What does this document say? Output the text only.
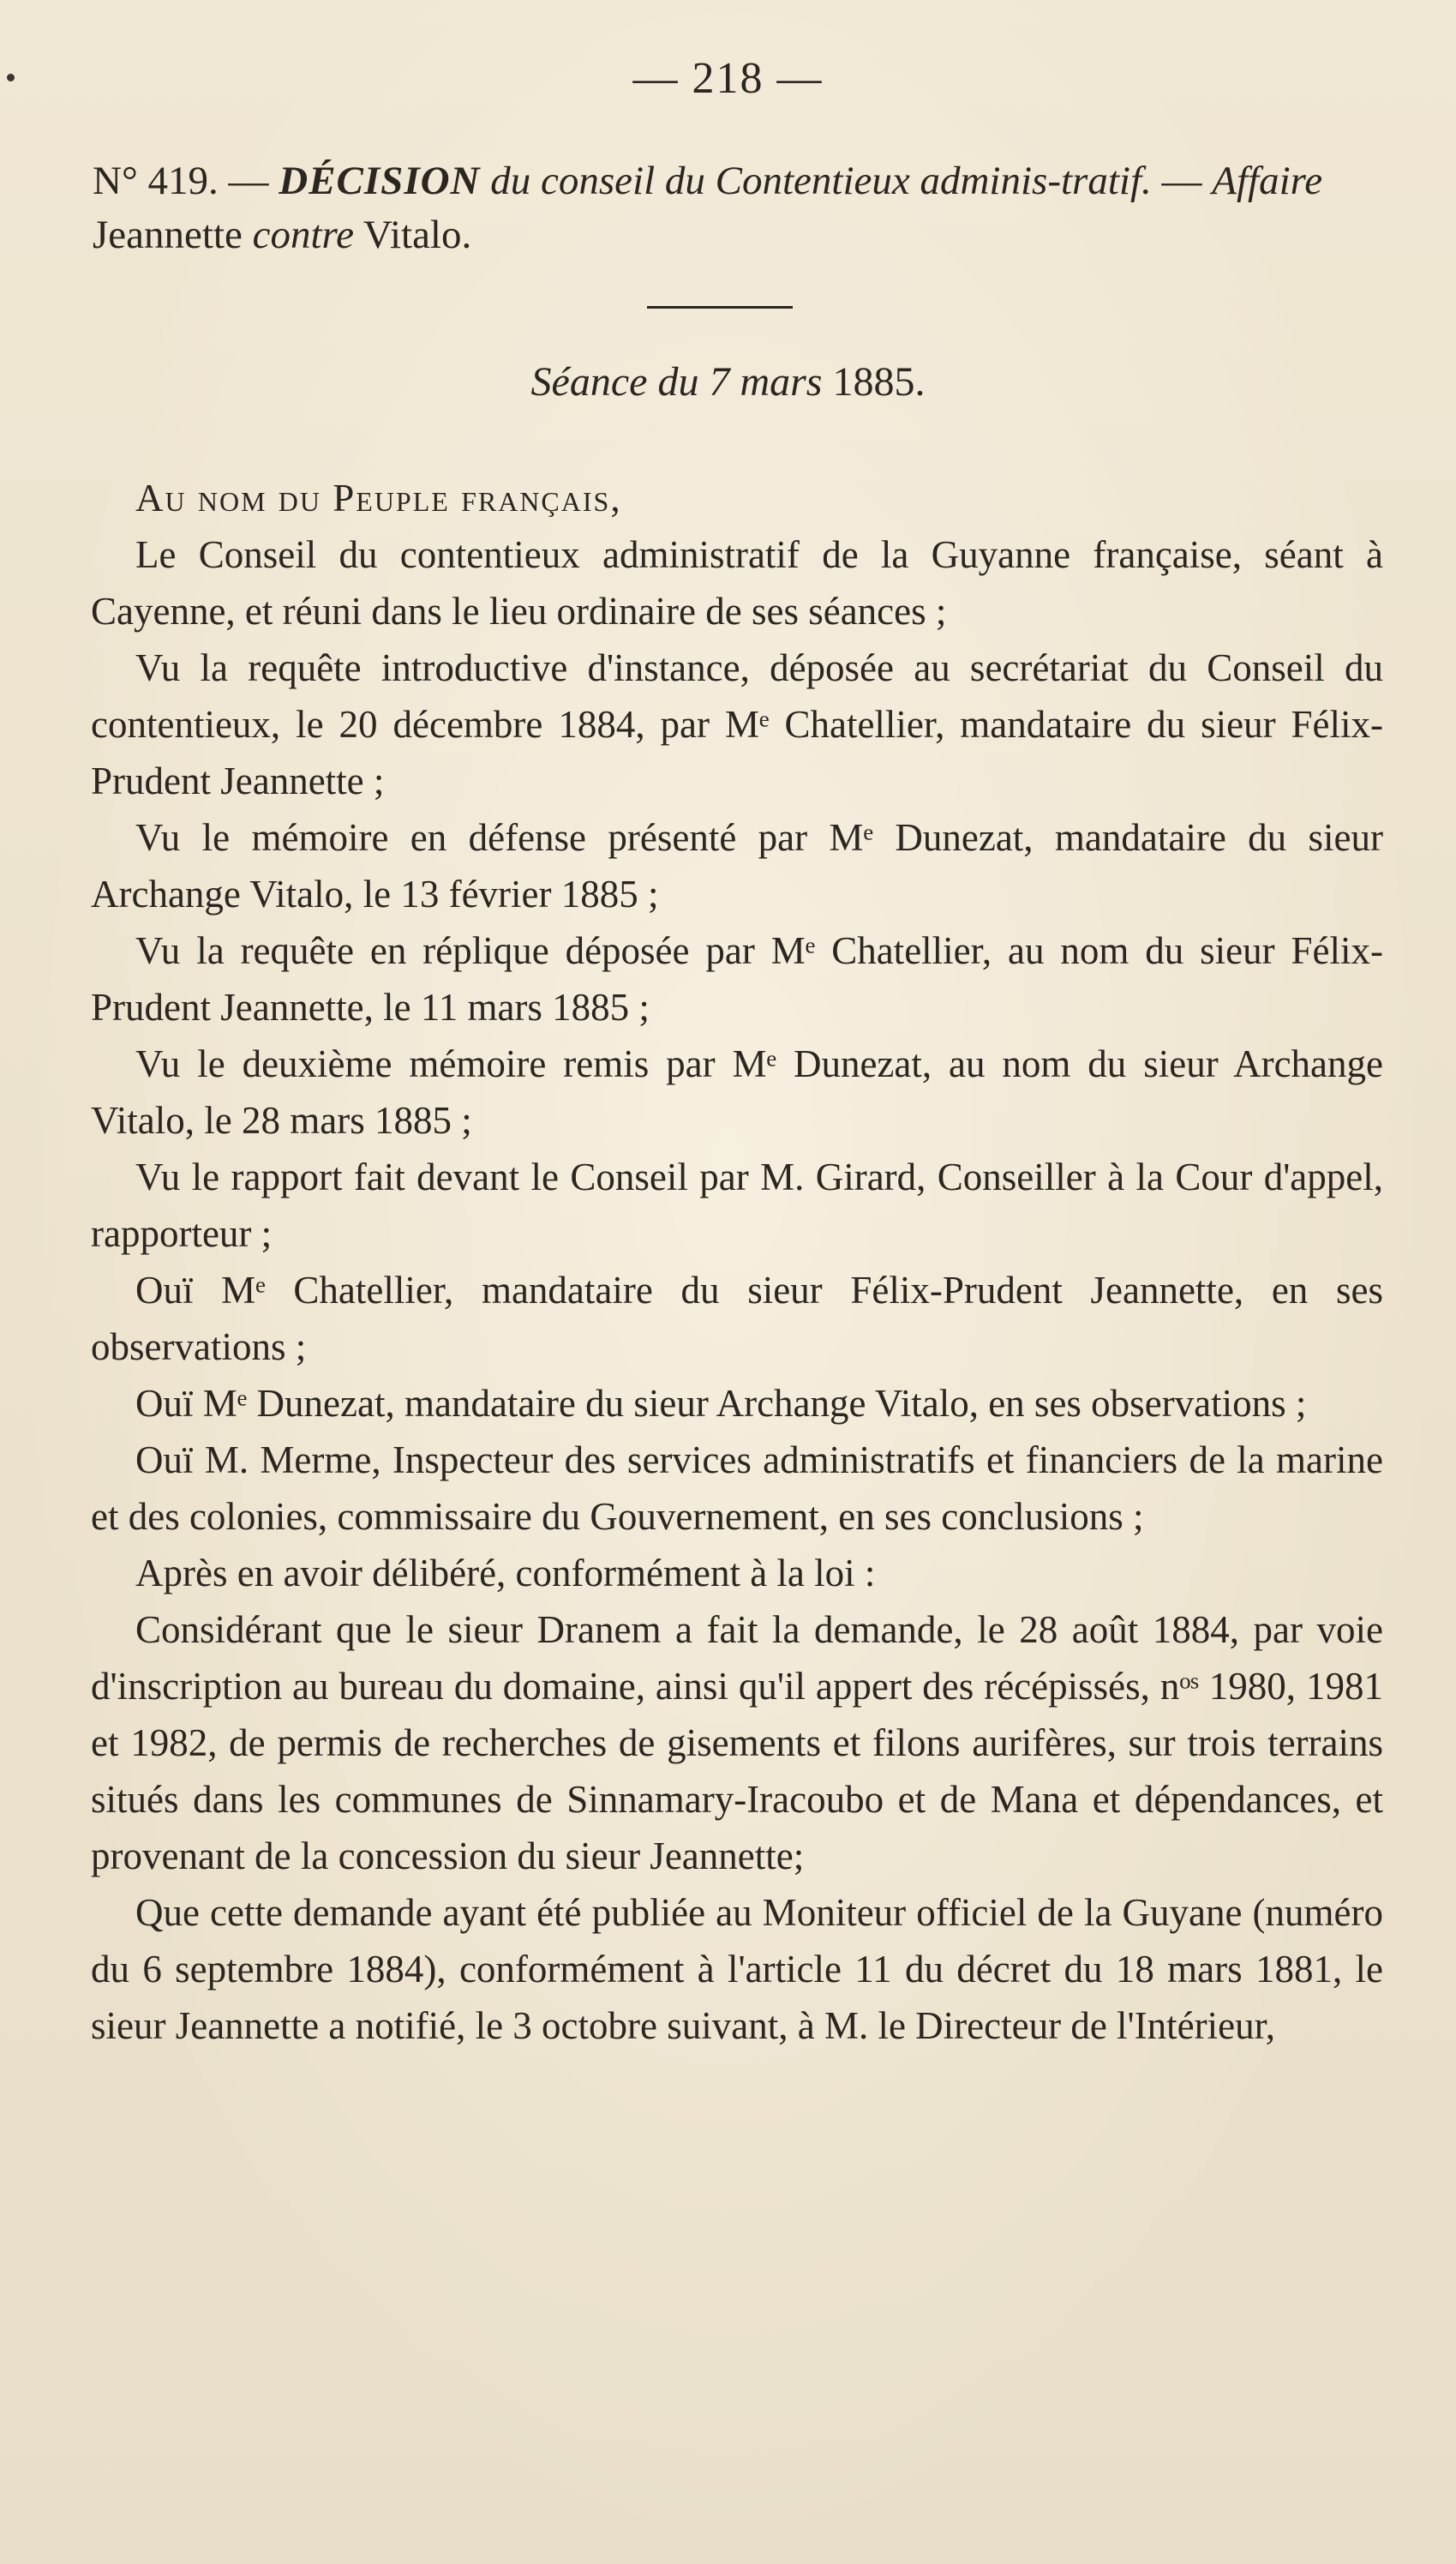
— 218 —

N° 419. — DÉCISION du conseil du Contentieux adminis-tratif. — Affaire Jeannette contre Vitalo.

Séance du 7 mars 1885.

Au nom du Peuple français,

Le Conseil du contentieux administratif de la Guyanne française, séant à Cayenne, et réuni dans le lieu ordinaire de ses séances ;

Vu la requête introductive d'instance, déposée au secrétariat du Conseil du contentieux, le 20 décembre 1884, par Mᵉ Chatellier, mandataire du sieur Félix-Prudent Jeannette ;

Vu le mémoire en défense présenté par Mᵉ Dunezat, mandataire du sieur Archange Vitalo, le 13 février 1885 ;

Vu la requête en réplique déposée par Mᵉ Chatellier, au nom du sieur Félix-Prudent Jeannette, le 11 mars 1885 ;

Vu le deuxième mémoire remis par Mᵉ Dunezat, au nom du sieur Archange Vitalo, le 28 mars 1885 ;

Vu le rapport fait devant le Conseil par M. Girard, Conseiller à la Cour d'appel, rapporteur ;

Ouï Mᵉ Chatellier, mandataire du sieur Félix-Prudent Jeannette, en ses observations ;

Ouï Mᵉ Dunezat, mandataire du sieur Archange Vitalo, en ses observations ;

Ouï M. Merme, Inspecteur des services administratifs et financiers de la marine et des colonies, commissaire du Gouvernement, en ses conclusions ;

Après en avoir délibéré, conformément à la loi :

Considérant que le sieur Dranem a fait la demande, le 28 août 1884, par voie d'inscription au bureau du domaine, ainsi qu'il appert des récépissés, nᵒˢ 1980, 1981 et 1982, de permis de recherches de gisements et filons aurifères, sur trois terrains situés dans les communes de Sinnamary-Iracoubo et de Mana et dépendances, et provenant de la concession du sieur Jeannette;

Que cette demande ayant été publiée au Moniteur officiel de la Guyane (numéro du 6 septembre 1884), conformément à l'article 11 du décret du 18 mars 1881, le sieur Jeannette a notifié, le 3 octobre suivant, à M. le Directeur de l'Intérieur,
